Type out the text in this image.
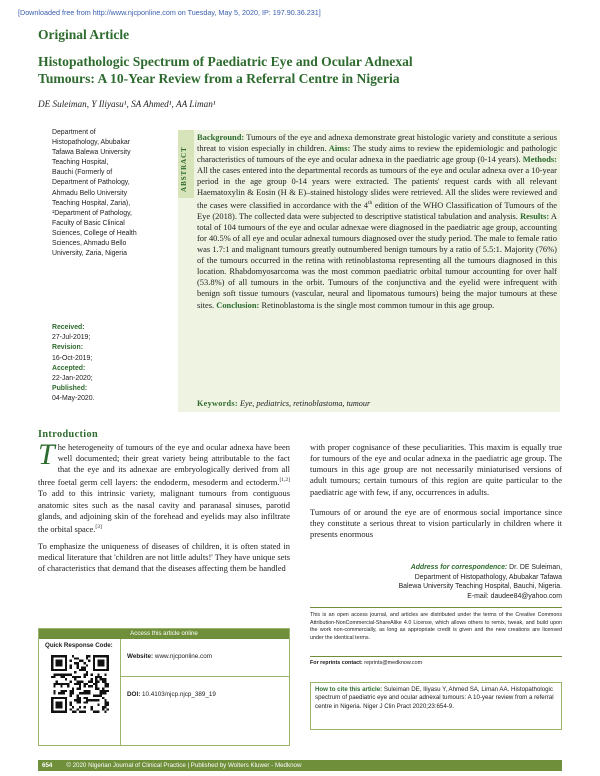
[Downloaded free from http://www.njcponline.com on Tuesday, May 5, 2020, IP: 197.90.36.231]
Original Article
Histopathologic Spectrum of Paediatric Eye and Ocular Adnexal
Tumours: A 10-Year Review from a Referral Centre in Nigeria
DE Suleiman, Y Iliyasu¹, SA Ahmed¹, AA Liman¹
Department of
Histopathology, Abubakar
Tafawa Balewa University
Teaching Hospital,
Bauchi (Formerly of
Department of Pathology,
Ahmadu Bello University
Teaching Hospital, Zaria),
¹Department of Pathology,
Faculty of Basic Clinical
Sciences, College of Health
Sciences, Ahmadu Bello
University, Zaria, Nigeria
Received:
27-Jul-2019;
Revision:
16-Oct-2019;
Accepted:
22-Jan-2020;
Published:
04-May-2020.
ABSTRACT
Background: Tumours of the eye and adnexa demonstrate great histologic variety and constitute a serious threat to vision especially in children. Aims: The study aims to review the epidemiologic and pathologic characteristics of tumours of the eye and ocular adnexa in the paediatric age group (0-14 years). Methods: All the cases entered into the departmental records as tumours of the eye and ocular adnexa over a 10-year period in the age group 0-14 years were extracted. The patients' request cards with all relevant Haematoxylin & Eosin (H & E)–stained histology slides were retrieved. All the slides were reviewed and the cases were classified in accordance with the 4th edition of the WHO Classification of Tumours of the Eye (2018). The collected data were subjected to descriptive statistical tabulation and analysis. Results: A total of 104 tumours of the eye and ocular adnexae were diagnosed in the paediatric age group, accounting for 40.5% of all eye and ocular adnexal tumours diagnosed over the study period. The male to female ratio was 1.7:1 and malignant tumours greatly outnumbered benign tumours by a ratio of 5.5:1. Majority (76%) of the tumours occurred in the retina with retinoblastoma representing all the tumours diagnosed in this location. Rhabdomyosarcoma was the most common paediatric orbital tumour accounting for over half (53.8%) of all tumours in the orbit. Tumours of the conjunctiva and the eyelid were infrequent with benign soft tissue tumours (vascular, neural and lipomatous tumours) being the major tumours at these sites. Conclusion: Retinoblastoma is the single most common tumour in this age group.
Keywords: Eye, pediatrics, retinoblastoma, tumour
Introduction

The heterogeneity of tumours of the eye and ocular adnexa have been well documented; their great variety being attributable to the fact that the eye and its adnexae are embryologically derived from all three foetal germ cell layers: the endoderm, mesoderm and ectoderm.[1,2] To add to this intrinsic variety, malignant tumours from contiguous anatomic sites such as the nasal cavity and paranasal sinuses, parotid glands, and adjoining skin of the forehead and eyelids may also infiltrate the orbital space.[3]

To emphasize the uniqueness of diseases of children, it is often stated in medical literature that 'children are not little adults!' They have unique sets of characteristics that demand that the diseases affecting them be handled

with proper cognisance of these peculiarities. This maxim is equally true for tumours of the eye and ocular adnexa in the paediatric age group. The tumours in this age group are not necessarily miniaturised versions of adult tumours; certain tumours of this region are quite particular to the paediatric age with few, if any, occurrences in adults.

Tumours of or around the eye are of enormous social importance since they constitute a serious threat to vision particularly in children where it presents enormous

Access this article online
Quick Response Code:
Website: www.njcponline.com
DOI: 10.4103/njcp.njcp_389_19
Address for correspondence: Dr. DE Suleiman,
Department of Histopathology, Abubakar Tafawa
Balewa University Teaching Hospital, Bauchi, Nigeria.
E-mail: daudee84@yahoo.com
This is an open access journal, and articles are distributed under the terms of the Creative Commons Attribution-NonCommercial-ShareAlike 4.0 License, which allows others to remix, tweak, and build upon the work non-commercially, as long as appropriate credit is given and the new creations are licensed under the identical terms.
For reprints contact: reprints@medknow.com
How to cite this article: Suleiman DE, Iliyasu Y, Ahmed SA, Liman AA. Histopathologic spectrum of paediatric eye and ocular adnexal tumours: A 10-year review from a referral centre in Nigeria. Niger J Clin Pract 2020;23:654-9.
654 © 2020 Nigerian Journal of Clinical Practice | Published by Wolters Kluwer - Medknow
